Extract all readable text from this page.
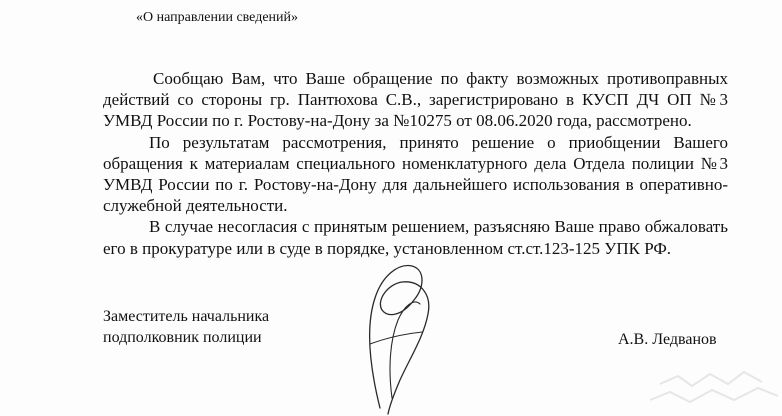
«О направлении сведений»

Сообщаю Вам, что Ваше обращение по факту возможных противоправных действий со стороны гр. Пантюхова С.В., зарегистрировано в КУСП ДЧ ОП №3 УМВД России по г. Ростову-на-Дону за №10275 от 08.06.2020 года, рассмотрено.

По результатам рассмотрения, принято решение о приобщении Вашего обращения к материалам специального номенклатурного дела Отдела полиции №3 УМВД России по г. Ростову-на-Дону для дальнейшего использования в оперативно-служебной деятельности.

В случае несогласия с принятым решением, разъясняю Ваше право обжаловать его в прокуратуре или в суде в порядке, установленном ст.ст.123-125 УПК РФ.

Заместитель начальника
подполковник полиции	А.В. Ледванов
